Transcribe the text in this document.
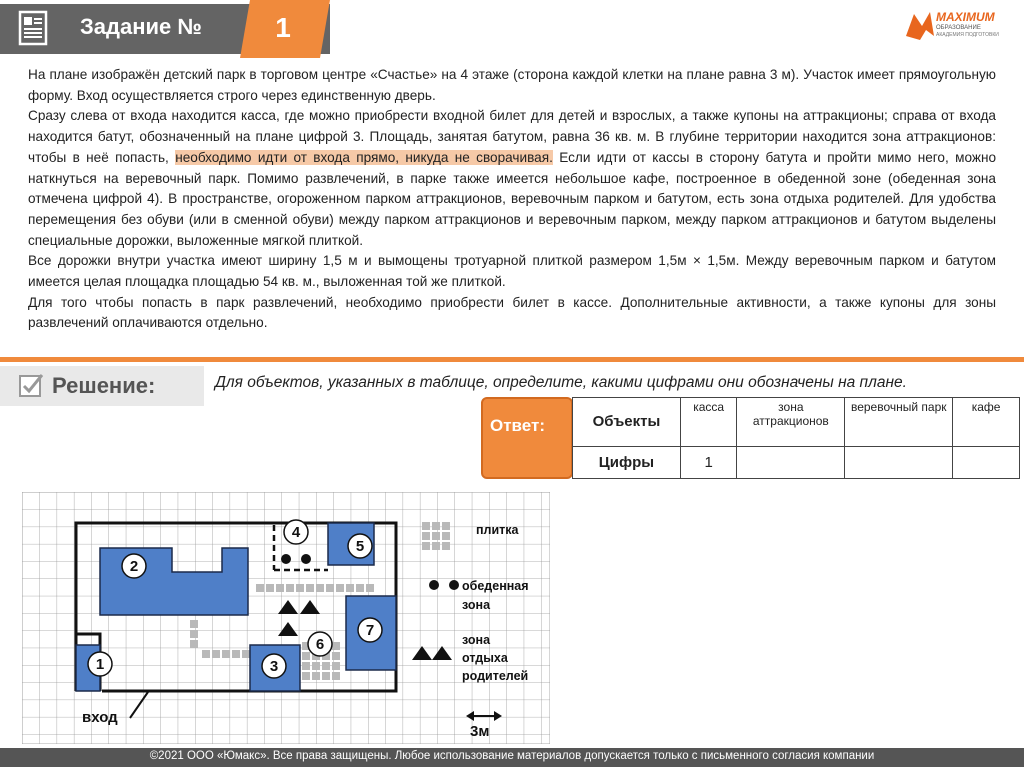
Задание №	1	MAXIMUM
ОБРАЗОВАНИЕ
АКАДЕМИЯ ПОДГОТОВКИ

На плане изображён детский парк в торговом центре «Счастье» на 4 этаже (сторона каждой клетки на плане равна 3 м). Участок имеет прямоугольную форму. Вход осуществляется строго через единственную дверь.

Сразу слева от входа находится касса, где можно приобрести входной билет для детей и взрослых, а также купоны на аттракционы; справа от входа находится батут, обозначенный на плане цифрой 3. Площадь, занятая батутом, равна 36 кв. м. В глубине территории находится зона аттракционов: чтобы в неё попасть, необходимо идти от входа прямо, никуда не сворачивая. Если идти от кассы в сторону батута и пройти мимо него, можно наткнуться на веревочный парк. Помимо развлечений, в парке также имеется небольшое кафе, построенное в обеденной зоне (обеденная зона отмечена цифрой 4). В пространстве, огороженном парком аттракционов, веревочным парком и батутом, есть зона отдыха родителей. Для удобства перемещения без обуви (или в сменной обуви) между парком аттракционов и веревочным парком, между парком аттракционов и батутом выделены специальные дорожки, выложенные мягкой плиткой.

Все дорожки внутри участка имеют ширину 1,5 м и вымощены тротуарной плиткой размером 1,5м × 1,5м. Между веревочным парком и батутом имеется целая площадка площадью 54 кв. м., выложенная той же плиткой.

Для того чтобы попасть в парк развлечений, необходимо приобрести билет в кассе. Дополнительные активности, а также купоны для зоны развлечений оплачиваются отдельно.

Решение:	Для объектов, указанных в таблице, определите, какими цифрами они обозначены на плане.
Ответ:	Объекты	касса	зона аттракционов	веревочный парк	кафе
Цифры	1			
1
2
3
4
5
6
7
вход
плитка
обеденная
зона
зона
отдыха
родителей
3м
©2021 ООО «Юмакс». Все права защищены. Любое использование материалов допускается только с письменного согласия компании
